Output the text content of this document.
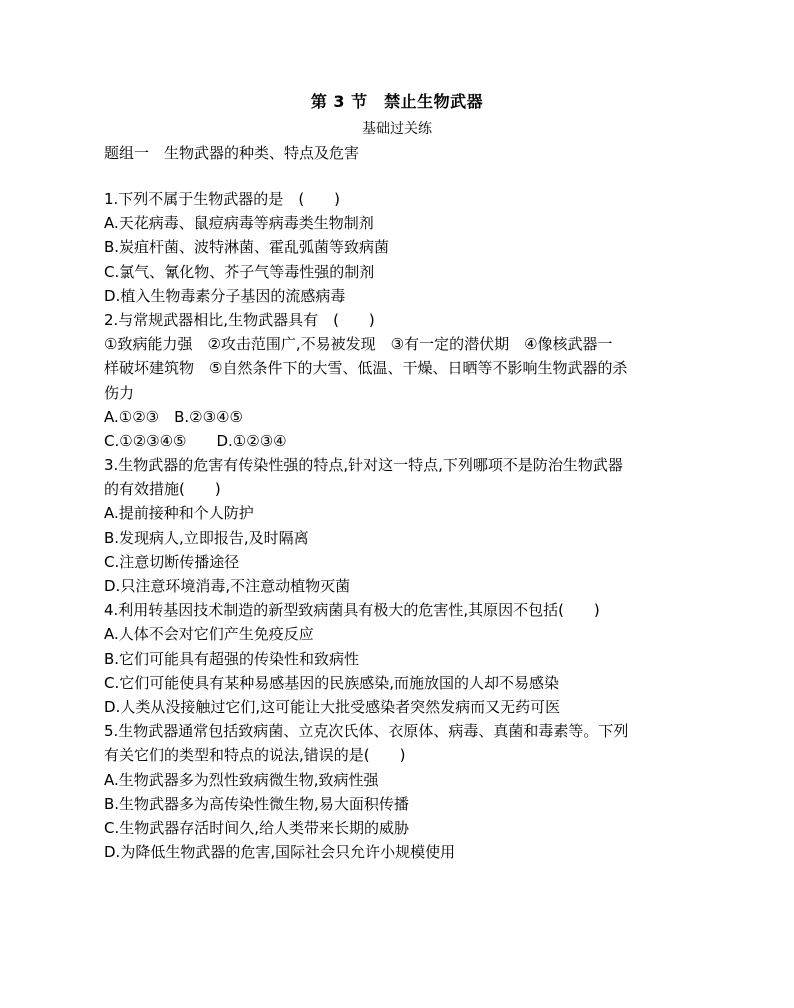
第 3 节　禁止生物武器
基础过关练
题组一　生物武器的种类、特点及危害
1.下列不属于生物武器的是　(　　)
A.天花病毒、鼠痘病毒等病毒类生物制剂
B.炭疽杆菌、波特淋菌、霍乱弧菌等致病菌
C.氯气、氰化物、芥子气等毒性强的制剂
D.植入生物毒素分子基因的流感病毒
2.与常规武器相比,生物武器具有　(　　)
①致病能力强　②攻击范围广,不易被发现　③有一定的潜伏期　④像核武器一
样破坏建筑物　⑤自然条件下的大雪、低温、干燥、日晒等不影响生物武器的杀
伤力
A.①②③　B.②③④⑤
C.①②③④⑤　　D.①②③④
3.生物武器的危害有传染性强的特点,针对这一特点,下列哪项不是防治生物武器
的有效措施(　　)
A.提前接种和个人防护
B.发现病人,立即报告,及时隔离
C.注意切断传播途径
D.只注意环境消毒,不注意动植物灭菌
4.利用转基因技术制造的新型致病菌具有极大的危害性,其原因不包括(　　)
A.人体不会对它们产生免疫反应
B.它们可能具有超强的传染性和致病性
C.它们可能使具有某种易感基因的民族感染,而施放国的人却不易感染
D.人类从没接触过它们,这可能让大批受感染者突然发病而又无药可医
5.生物武器通常包括致病菌、立克次氏体、衣原体、病毒、真菌和毒素等。下列
有关它们的类型和特点的说法,错误的是(　　)
A.生物武器多为烈性致病微生物,致病性强
B.生物武器多为高传染性微生物,易大面积传播
C.生物武器存活时间久,给人类带来长期的威胁
D.为降低生物武器的危害,国际社会只允许小规模使用
